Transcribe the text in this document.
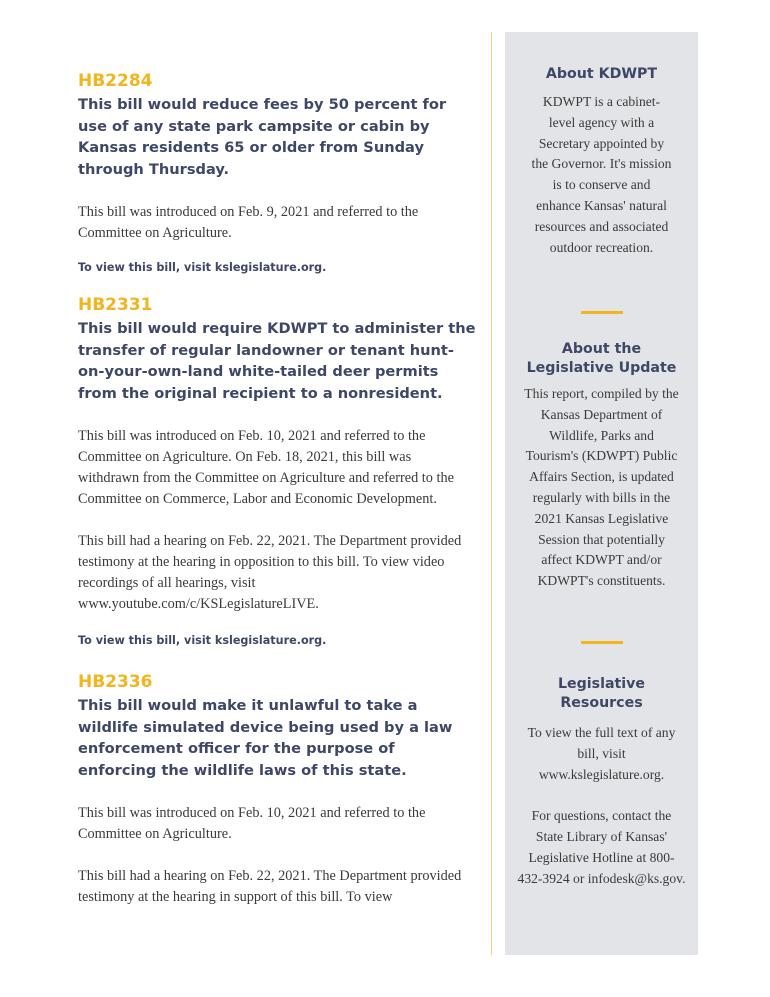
HB2284

This bill would reduce fees by 50 percent for use of any state park campsite or cabin by Kansas residents 65 or older from Sunday through Thursday.

This bill was introduced on Feb. 9, 2021 and referred to the Committee on Agriculture.

To view this bill, visit kslegislature.org.

HB2331

This bill would require KDWPT to administer the transfer of regular landowner or tenant hunt-on-your-own-land white-tailed deer permits from the original recipient to a nonresident.

This bill was introduced on Feb. 10, 2021 and referred to the Committee on Agriculture. On Feb. 18, 2021, this bill was withdrawn from the Committee on Agriculture and referred to the Committee on Commerce, Labor and Economic Development.

This bill had a hearing on Feb. 22, 2021. The Department provided testimony at the hearing in opposition to this bill. To view video recordings of all hearings, visit www.youtube.com/c/KSLegislatureLIVE.

To view this bill, visit kslegislature.org.

HB2336

This bill would make it unlawful to take a wildlife simulated device being used by a law enforcement officer for the purpose of enforcing the wildlife laws of this state.

This bill was introduced on Feb. 10, 2021 and referred to the Committee on Agriculture.

This bill had a hearing on Feb. 22, 2021. The Department provided testimony at the hearing in support of this bill. To view

About KDWPT

KDWPT is a cabinet-level agency with a Secretary appointed by the Governor. It's mission is to conserve and enhance Kansas' natural resources and associated outdoor recreation.

About the Legislative Update

This report, compiled by the Kansas Department of Wildlife, Parks and Tourism's (KDWPT) Public Affairs Section, is updated regularly with bills in the 2021 Kansas Legislative Session that potentially affect KDWPT and/or KDWPT's constituents.

Legislative Resources

To view the full text of any bill, visit www.kslegislature.org.

For questions, contact the State Library of Kansas' Legislative Hotline at 800-432-3924 or infodesk@ks.gov.
